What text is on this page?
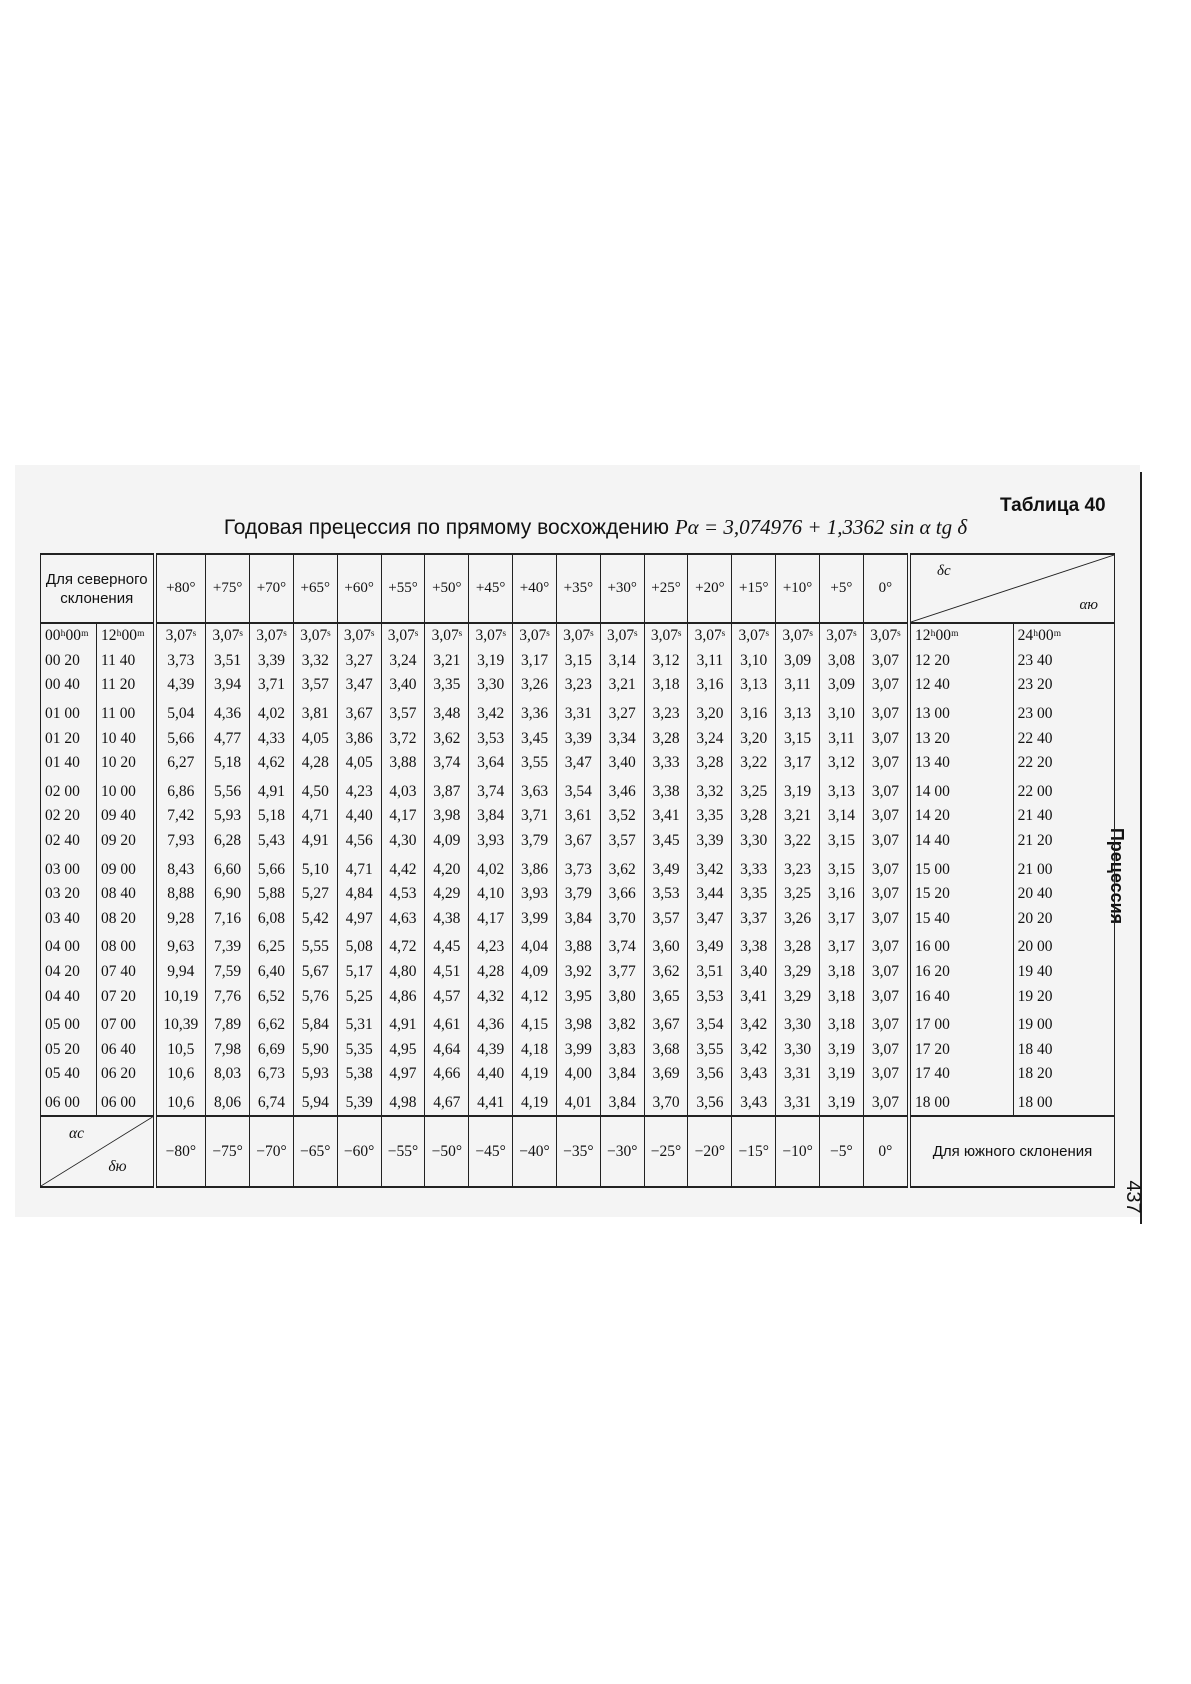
Таблица 40
Годовая прецессия по прямому восхождению Pα = 3,074976 + 1,3362 sin α tg δ
Прецессия
437
Для северного склонения		+80°	+75°	+70°	+65°	+60°	+55°	+50°	+45°	+40°	+35°	+30°	+25°	+20°	+15°	+10°	+5°	0°	δс
αю	

00ʰ00ᵐ	12ʰ00ᵐ	3,07ˢ	3,07ˢ	3,07ˢ	3,07ˢ	3,07ˢ	3,07ˢ	3,07ˢ	3,07ˢ	3,07ˢ	3,07ˢ	3,07ˢ	3,07ˢ	3,07ˢ	3,07ˢ	3,07ˢ	3,07ˢ	3,07ˢ	12ʰ00ᵐ	24ʰ00ᵐ
00 20	11 40	3,73	3,51	3,39	3,32	3,27	3,24	3,21	3,19	3,17	3,15	3,14	3,12	3,11	3,10	3,09	3,08	3,07	12 20	23 40
00 40	11 20	4,39	3,94	3,71	3,57	3,47	3,40	3,35	3,30	3,26	3,23	3,21	3,18	3,16	3,13	3,11	3,09	3,07	12 40	23 20
01 00	11 00	5,04	4,36	4,02	3,81	3,67	3,57	3,48	3,42	3,36	3,31	3,27	3,23	3,20	3,16	3,13	3,10	3,07	13 00	23 00
01 20	10 40	5,66	4,77	4,33	4,05	3,86	3,72	3,62	3,53	3,45	3,39	3,34	3,28	3,24	3,20	3,15	3,11	3,07	13 20	22 40
01 40	10 20	6,27	5,18	4,62	4,28	4,05	3,88	3,74	3,64	3,55	3,47	3,40	3,33	3,28	3,22	3,17	3,12	3,07	13 40	22 20
02 00	10 00	6,86	5,56	4,91	4,50	4,23	4,03	3,87	3,74	3,63	3,54	3,46	3,38	3,32	3,25	3,19	3,13	3,07	14 00	22 00
02 20	09 40	7,42	5,93	5,18	4,71	4,40	4,17	3,98	3,84	3,71	3,61	3,52	3,41	3,35	3,28	3,21	3,14	3,07	14 20	21 40
02 40	09 20	7,93	6,28	5,43	4,91	4,56	4,30	4,09	3,93	3,79	3,67	3,57	3,45	3,39	3,30	3,22	3,15	3,07	14 40	21 20
03 00	09 00	8,43	6,60	5,66	5,10	4,71	4,42	4,20	4,02	3,86	3,73	3,62	3,49	3,42	3,33	3,23	3,15	3,07	15 00	21 00
03 20	08 40	8,88	6,90	5,88	5,27	4,84	4,53	4,29	4,10	3,93	3,79	3,66	3,53	3,44	3,35	3,25	3,16	3,07	15 20	20 40
03 40	08 20	9,28	7,16	6,08	5,42	4,97	4,63	4,38	4,17	3,99	3,84	3,70	3,57	3,47	3,37	3,26	3,17	3,07	15 40	20 20
04 00	08 00	9,63	7,39	6,25	5,55	5,08	4,72	4,45	4,23	4,04	3,88	3,74	3,60	3,49	3,38	3,28	3,17	3,07	16 00	20 00
04 20	07 40	9,94	7,59	6,40	5,67	5,17	4,80	4,51	4,28	4,09	3,92	3,77	3,62	3,51	3,40	3,29	3,18	3,07	16 20	19 40
04 40	07 20	10,19	7,76	6,52	5,76	5,25	4,86	4,57	4,32	4,12	3,95	3,80	3,65	3,53	3,41	3,29	3,18	3,07	16 40	19 20
05 00	07 00	10,39	7,89	6,62	5,84	5,31	4,91	4,61	4,36	4,15	3,98	3,82	3,67	3,54	3,42	3,30	3,18	3,07	17 00	19 00
05 20	06 40	10,5	7,98	6,69	5,90	5,35	4,95	4,64	4,39	4,18	3,99	3,83	3,68	3,55	3,42	3,30	3,19	3,07	17 20	18 40
05 40	06 20	10,6	8,03	6,73	5,93	5,38	4,97	4,66	4,40	4,19	4,00	3,84	3,69	3,56	3,43	3,31	3,19	3,07	17 40	18 20
06 00	06 00	10,6	8,06	6,74	5,94	5,39	4,98	4,67	4,41	4,19	4,01	3,84	3,70	3,56	3,43	3,31	3,19	3,07	18 00	18 00

αс
δю		−80°	−75°	−70°	−65°	−60°	−55°	−50°	−45°	−40°	−35°	−30°	−25°	−20°	−15°	−10°	−5°	0°	Для южного склонения	
